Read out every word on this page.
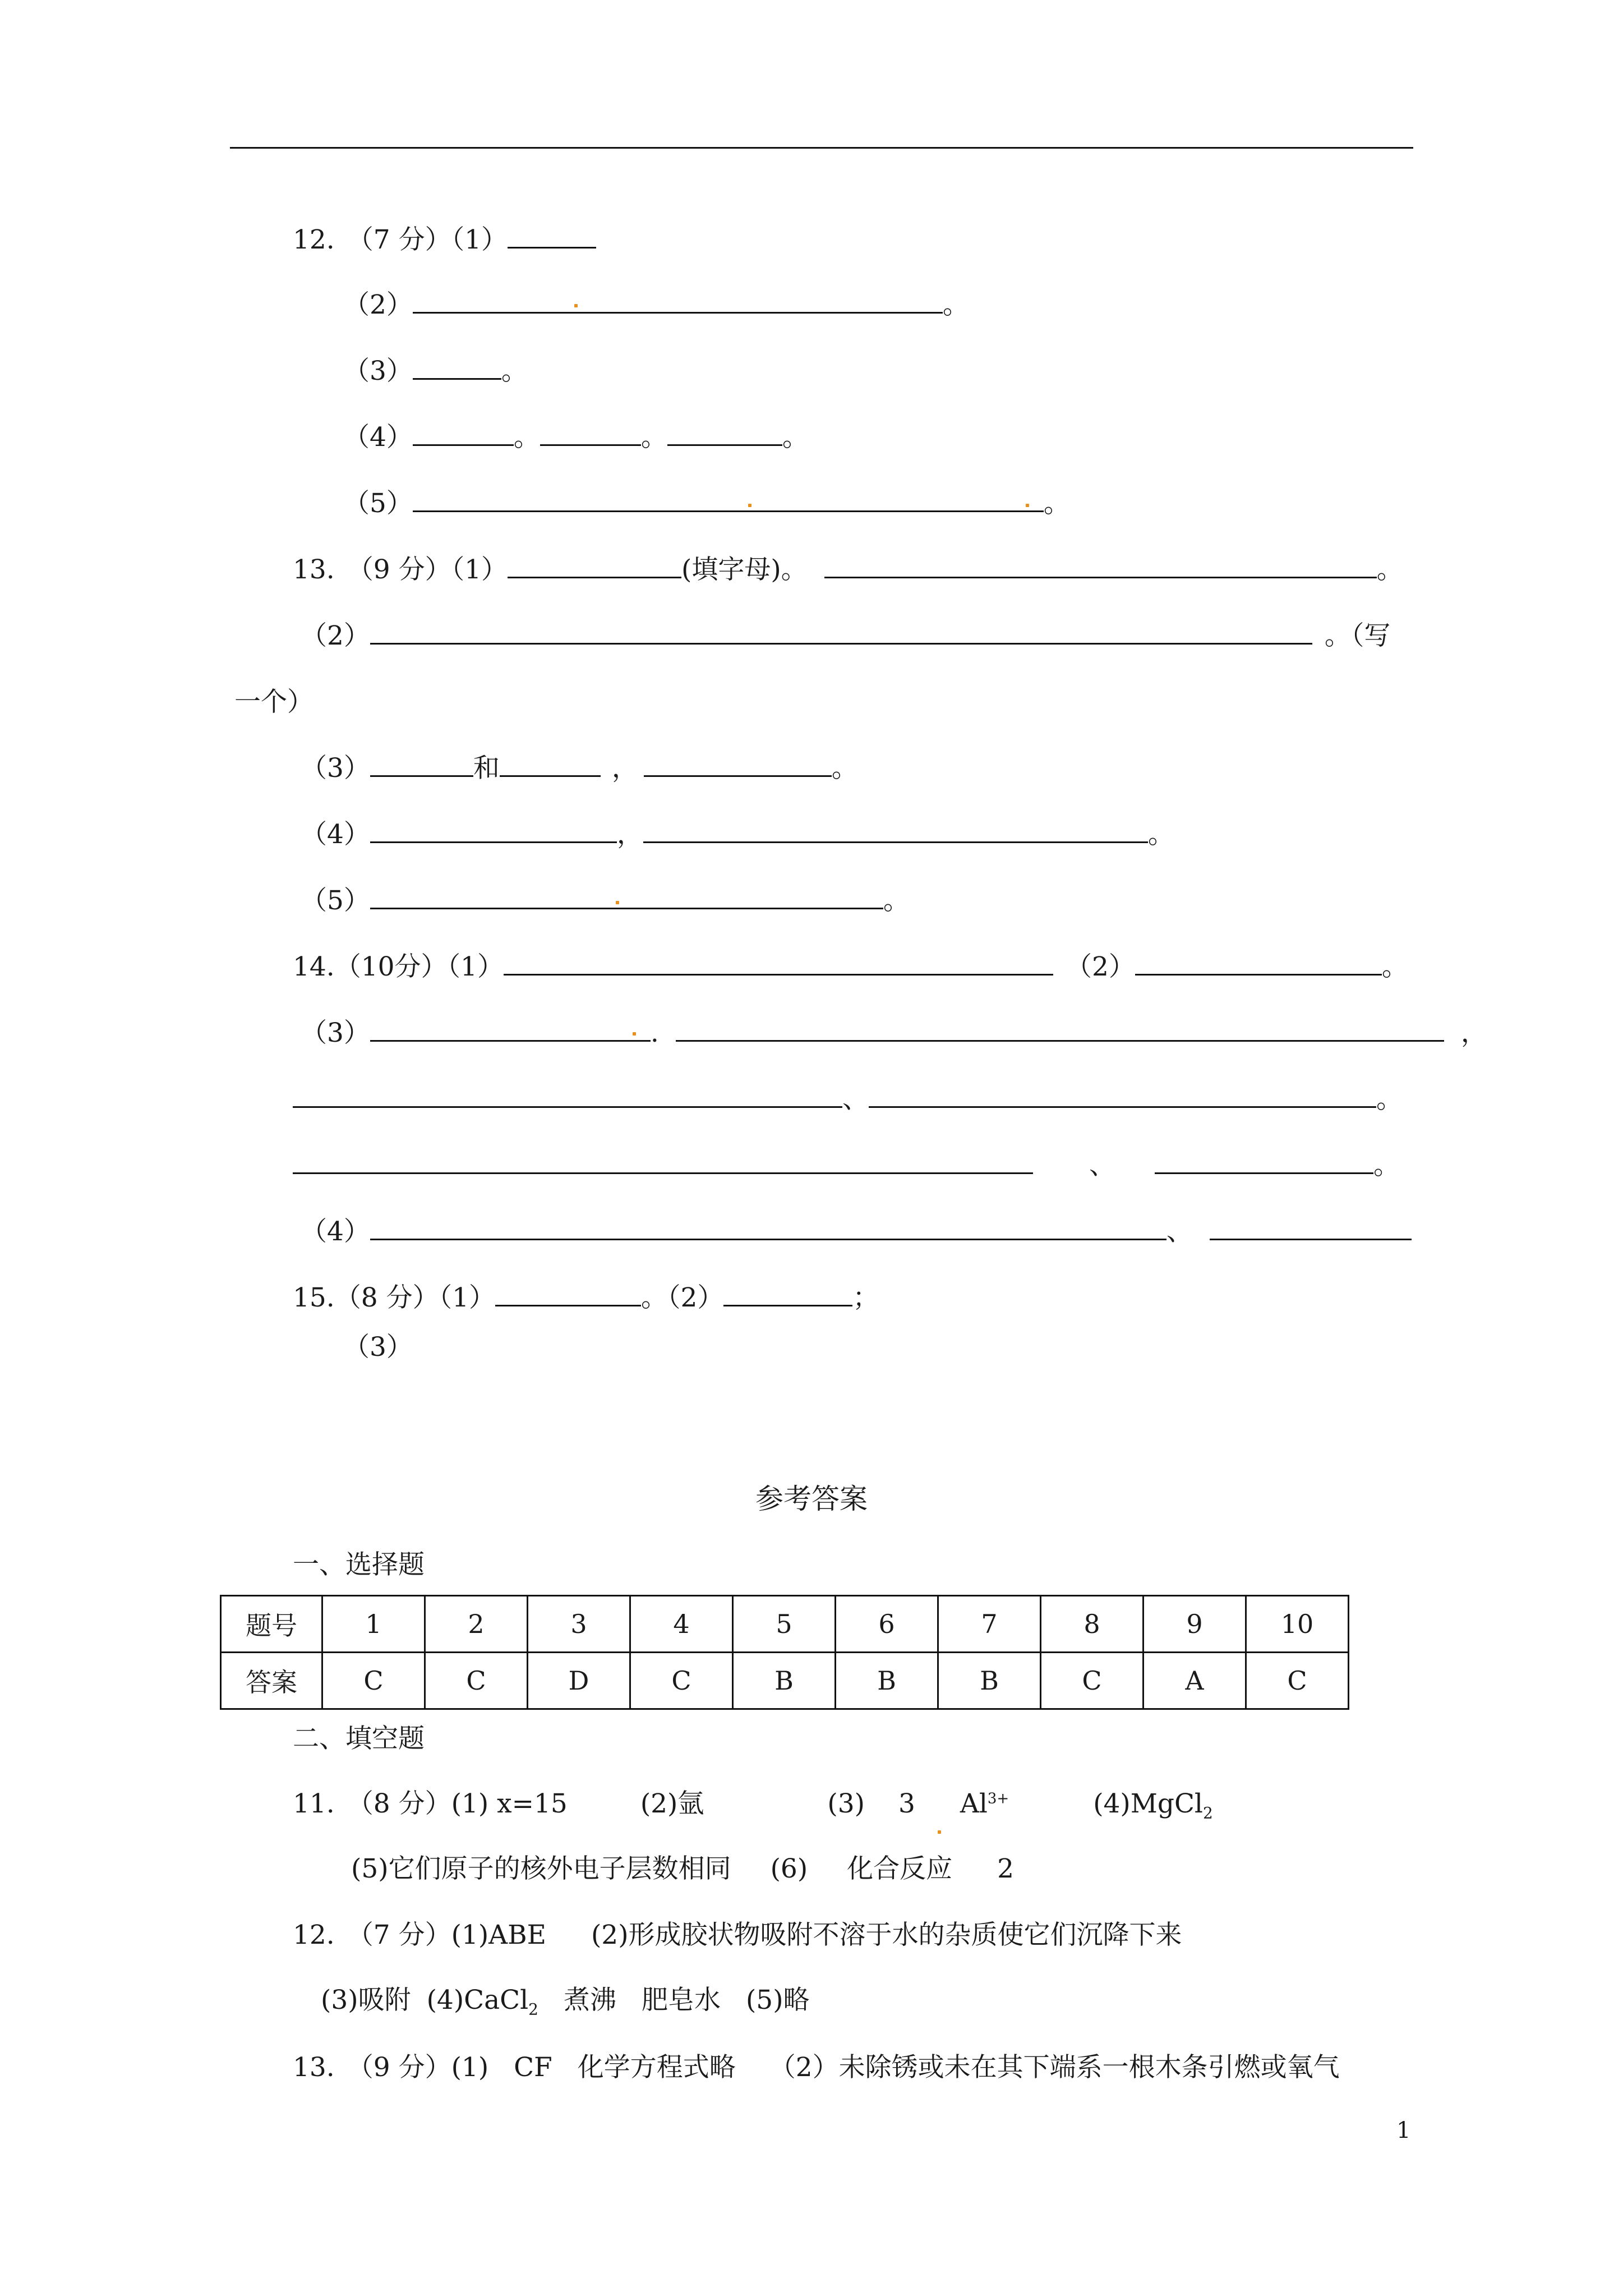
12. （7 分）（1）
（2）	。
（3）	。
（4）	。	。	。
（5）	。
13. （9 分）（1）	(填字母)。	。
（2）	。（写
一个）
（3）	和	，	。
（4）	，	。
（5）	。
14.（10分）（1）	（2）	。
（3）	.	，
、	。
、	。
（4）	、
15.（8 分）（1）	。（2）	；
（3）
参考答案
一、选择题
题号	1	2	3	4	5	6	7	8	9	10
答案	C	C	D	C	B	B	B	C	A	C
二、填空题
11. （8 分）(1) x=15	(2)氩	(3) 3 $Al^{3+}$	(4)MgCl$_2$
(5)它们原子的核外电子层数相同 (6) 化合反应 2
12. （7 分）(1)ABE (2)形成胶状物吸附不溶于水的杂质使它们沉降下来
(3)吸附 (4)CaCl$_2$ 煮沸 肥皂水 (5)略
13. （9 分）(1) CF 化学方程式略 （2）未除锈或未在其下端系一根木条引燃或氧气
1
